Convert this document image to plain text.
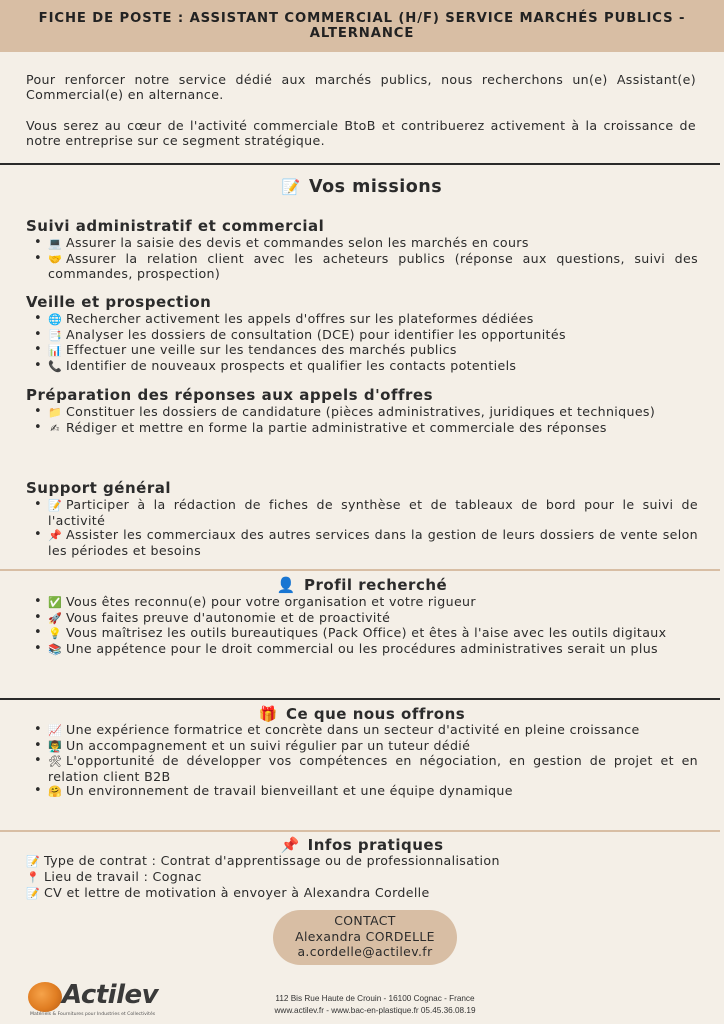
FICHE DE POSTE : ASSISTANT COMMERCIAL (H/F) SERVICE MARCHÉS PUBLICS -
ALTERNANCE

Pour renforcer notre service dédié aux marchés publics, nous recherchons un(e) Assistant(e) Commercial(e) en alternance.

Vous serez au cœur de l'activité commerciale BtoB et contribuerez activement à la croissance de notre entreprise sur ce segment stratégique.

📝 Vos missions
Suivi administratif et commercial
• 💻 Assurer la saisie des devis et commandes selon les marchés en cours
• 🤝 Assurer la relation client avec les acheteurs publics (réponse aux questions, suivi des commandes, prospection)
Veille et prospection
• 🌐 Rechercher activement les appels d'offres sur les plateformes dédiées
• 📑 Analyser les dossiers de consultation (DCE) pour identifier les opportunités
• 📊 Effectuer une veille sur les tendances des marchés publics
• 📞 Identifier de nouveaux prospects et qualifier les contacts potentiels
Préparation des réponses aux appels d'offres
• 📁 Constituer les dossiers de candidature (pièces administratives, juridiques et techniques)
• ✍ Rédiger et mettre en forme la partie administrative et commerciale des réponses
Support général
• 📝 Participer à la rédaction de fiches de synthèse et de tableaux de bord pour le suivi de l'activité
• 📌 Assister les commerciaux des autres services dans la gestion de leurs dossiers de vente selon les périodes et besoins
👤 Profil recherché
• ✅ Vous êtes reconnu(e) pour votre organisation et votre rigueur
• 🚀 Vous faites preuve d'autonomie et de proactivité
• 💡 Vous maîtrisez les outils bureautiques (Pack Office) et êtes à l'aise avec les outils digitaux
• 📚 Une appétence pour le droit commercial ou les procédures administratives serait un plus
🎁 Ce que nous offrons
• 📈 Une expérience formatrice et concrète dans un secteur d'activité en pleine croissance
• 👨‍🏫 Un accompagnement et un suivi régulier par un tuteur dédié
• 🛠 L'opportunité de développer vos compétences en négociation, en gestion de projet et en relation client B2B
• 🤗 Un environnement de travail bienveillant et une équipe dynamique
📌 Infos pratiques
📝 Type de contrat : Contrat d'apprentissage ou de professionnalisation
📍 Lieu de travail : Cognac
📝 CV et lettre de motivation à envoyer à Alexandra Cordelle
CONTACT
Alexandra CORDELLE
a.cordelle@actilev.fr
Actilev
Matériels & Fournitures pour Industries et Collectivités
112 Bis Rue Haute de Crouin - 16100 Cognac - France
www.actilev.fr - www.bac-en-plastique.fr 05.45.36.08.19
